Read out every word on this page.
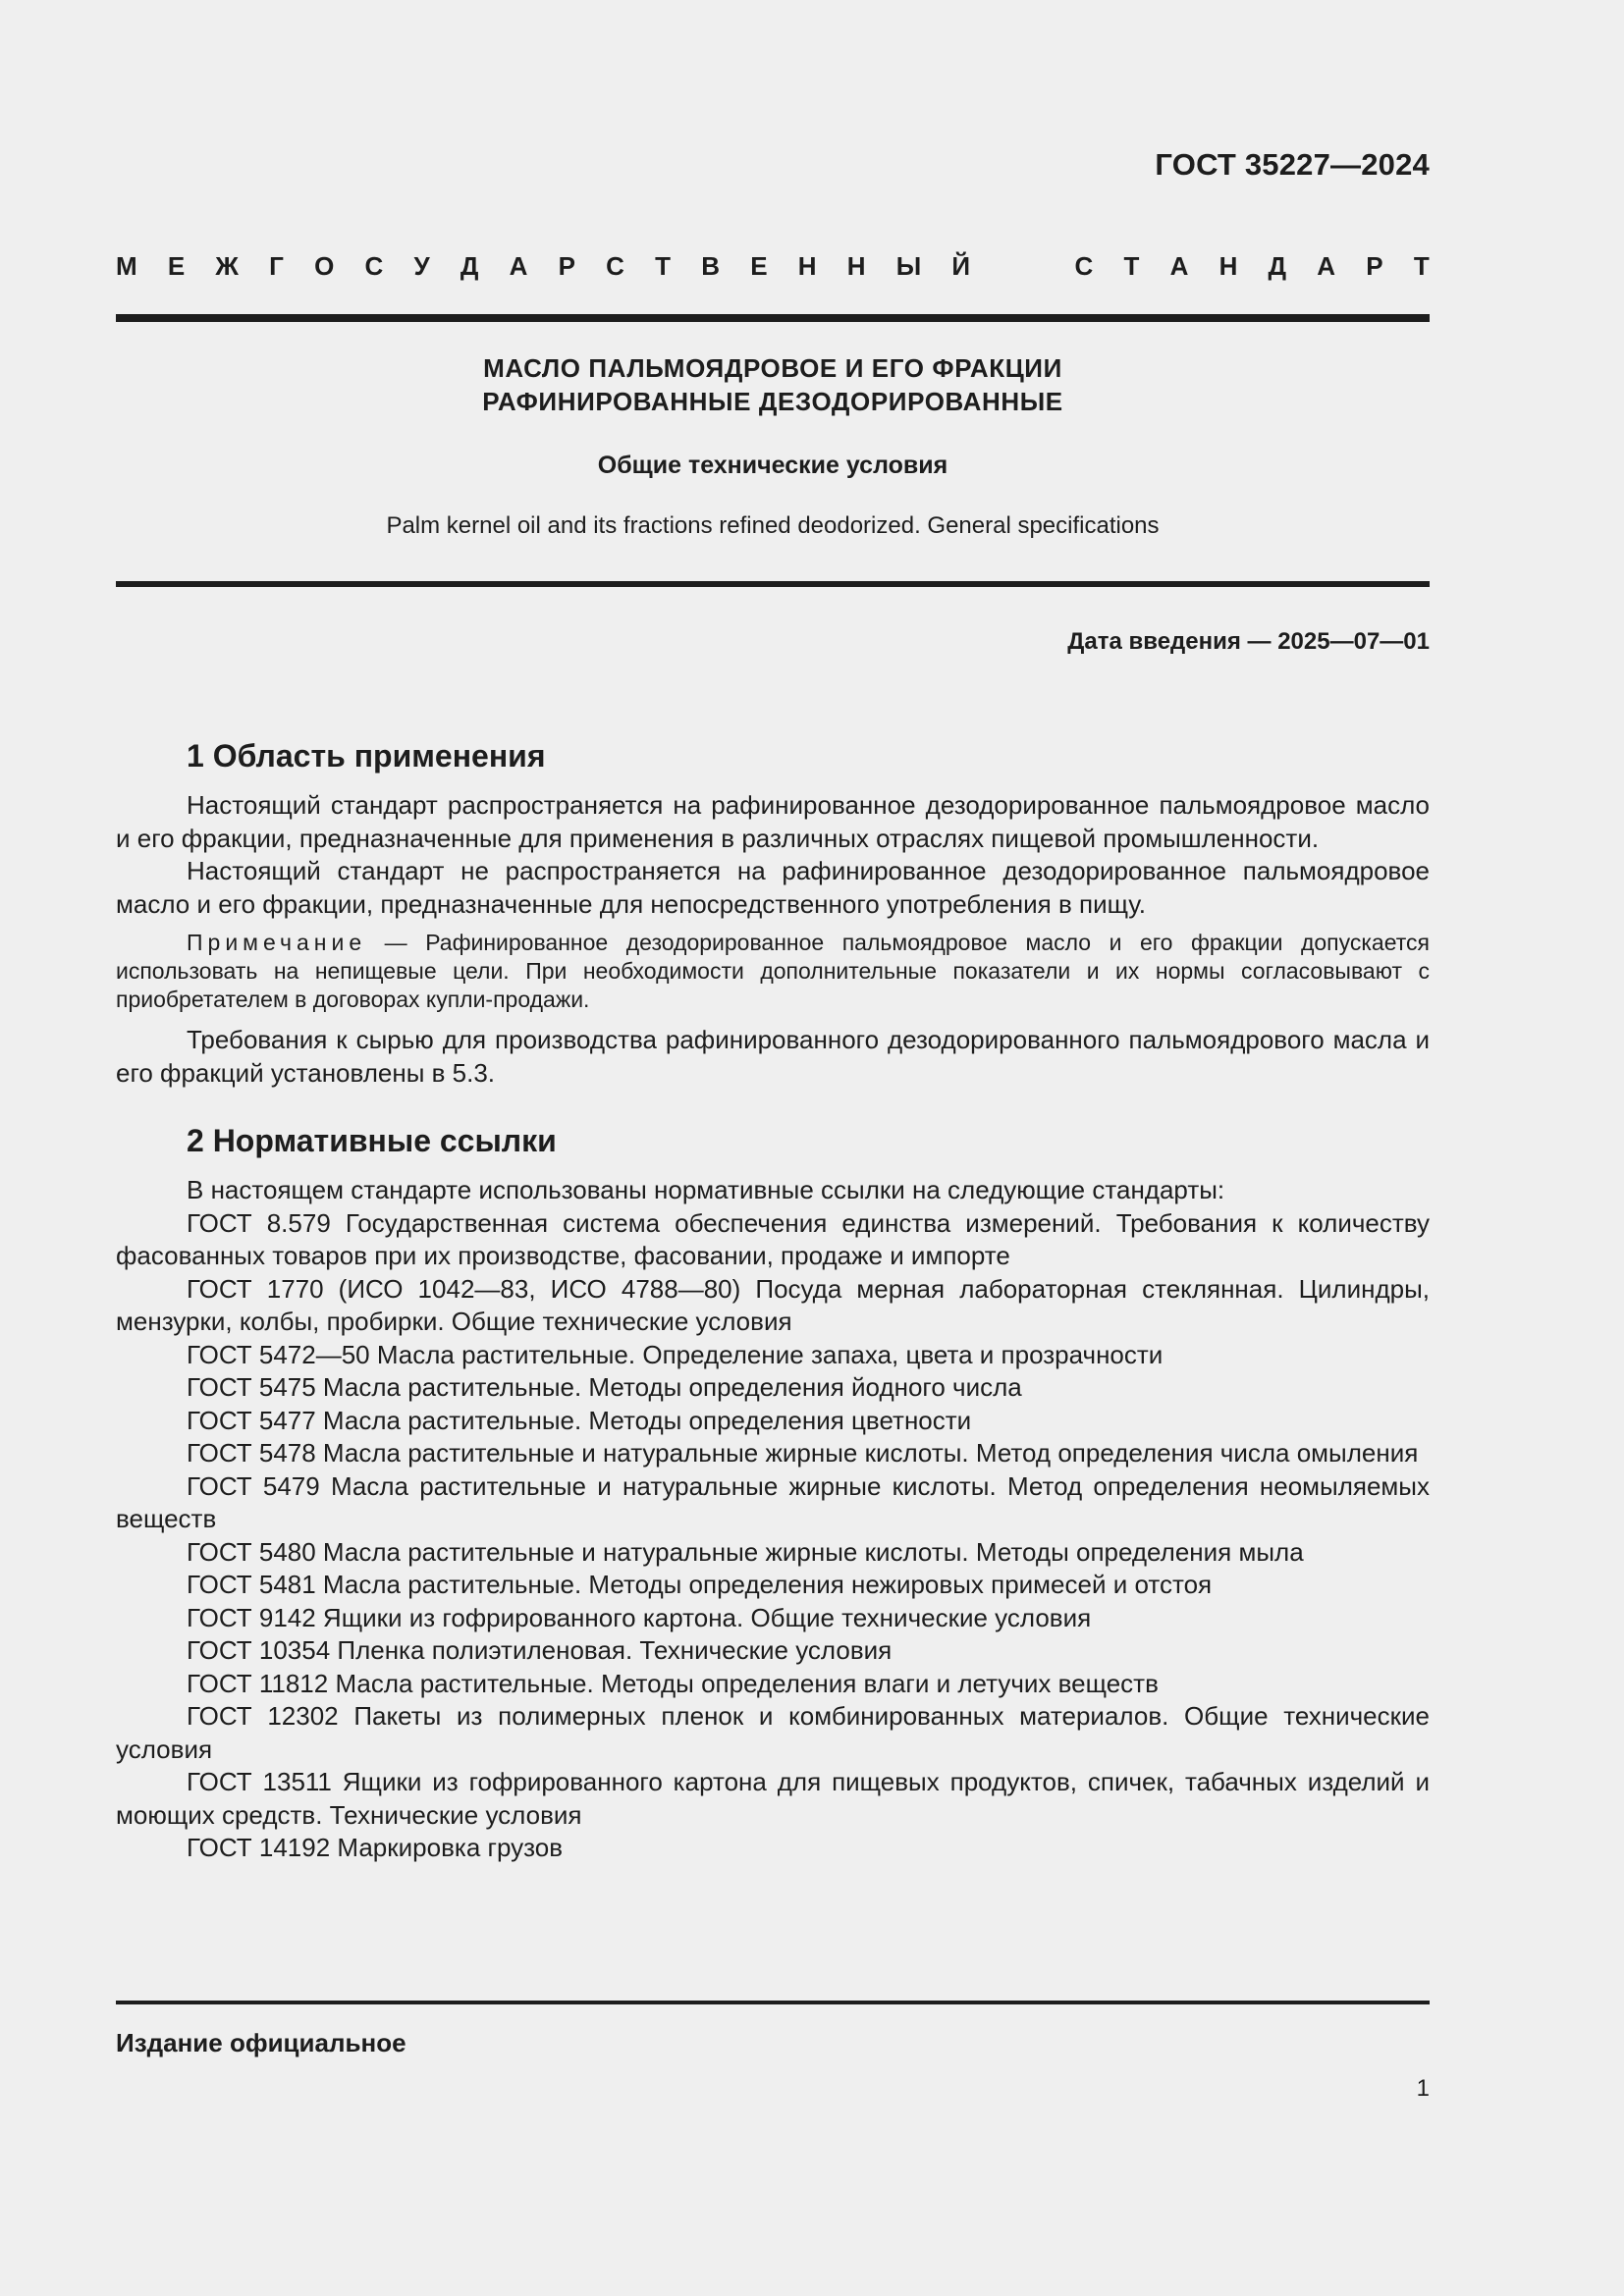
ГОСТ 35227—2024
М Е Ж Г О С У Д А Р С Т В Е Н Н Ы Й	С Т А Н Д А Р Т
МАСЛО ПАЛЬМОЯДРОВОЕ И ЕГО ФРАКЦИИ
РАФИНИРОВАННЫЕ ДЕЗОДОРИРОВАННЫЕ
Общие технические условия
Palm kernel oil and its fractions refined deodorized. General specifications
Дата введения — 2025—07—01
1 Область применения

Настоящий стандарт распространяется на рафинированное дезодорированное пальмоядровое масло и его фракции, предназначенные для применения в различных отраслях пищевой промышленности.

Настоящий стандарт не распространяется на рафинированное дезодорированное пальмоядровое масло и его фракции, предназначенные для непосредственного употребления в пищу.

Примечание — Рафинированное дезодорированное пальмоядровое масло и его фракции допускается использовать на непищевые цели. При необходимости дополнительные показатели и их нормы согласовывают с приобретателем в договорах купли-продажи.

Требования к сырью для производства рафинированного дезодорированного пальмоядрового масла и его фракций установлены в 5.3.

2 Нормативные ссылки

В настоящем стандарте использованы нормативные ссылки на следующие стандарты:

ГОСТ 8.579 Государственная система обеспечения единства измерений. Требования к количеству фасованных товаров при их производстве, фасовании, продаже и импорте

ГОСТ 1770 (ИСО 1042—83, ИСО 4788—80) Посуда мерная лабораторная стеклянная. Цилиндры, мензурки, колбы, пробирки. Общие технические условия

ГОСТ 5472—50 Масла растительные. Определение запаха, цвета и прозрачности

ГОСТ 5475 Масла растительные. Методы определения йодного числа

ГОСТ 5477 Масла растительные. Методы определения цветности

ГОСТ 5478 Масла растительные и натуральные жирные кислоты. Метод определения числа омыления

ГОСТ 5479 Масла растительные и натуральные жирные кислоты. Метод определения неомыляемых веществ

ГОСТ 5480 Масла растительные и натуральные жирные кислоты. Методы определения мыла

ГОСТ 5481 Масла растительные. Методы определения нежировых примесей и отстоя

ГОСТ 9142 Ящики из гофрированного картона. Общие технические условия

ГОСТ 10354 Пленка полиэтиленовая. Технические условия

ГОСТ 11812 Масла растительные. Методы определения влаги и летучих веществ

ГОСТ 12302 Пакеты из полимерных пленок и комбинированных материалов. Общие технические условия

ГОСТ 13511 Ящики из гофрированного картона для пищевых продуктов, спичек, табачных изделий и моющих средств. Технические условия

ГОСТ 14192 Маркировка грузов

Издание официальное
1
